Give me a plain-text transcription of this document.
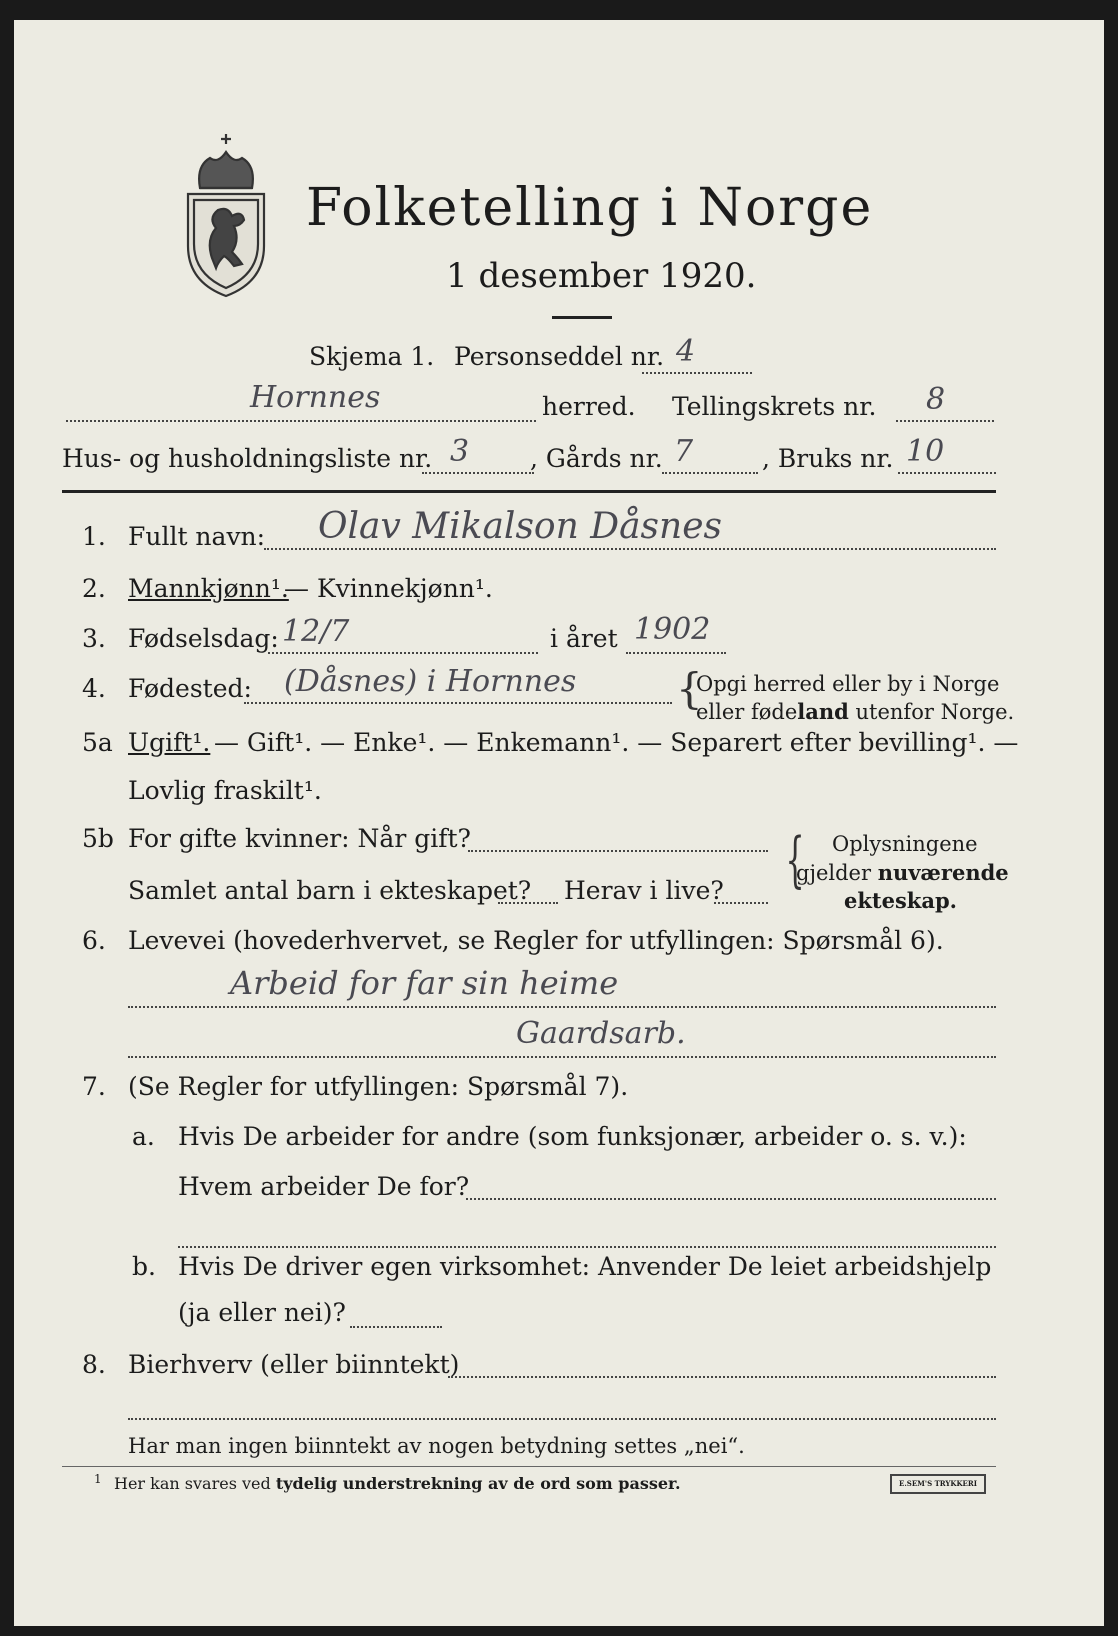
Folketelling i Norge
1 desember 1920.
Skjema 1. Personseddel nr. 4
Hornnes	herred. Tellingskrets nr. 8
Hus- og husholdningsliste nr. 3 , Gårds nr. 7	, Bruks nr. 10
1. Fullt navn: Olav Mikalson Dåsnes
2. Mannkjønn¹.
— Kvinnekjønn¹.
3. Fødselsdag: 12/7	i året 1902
4. Fødested: (Dåsnes) i Hornnes {
Opgi herred eller by i Norge
eller fødeland utenfor Norge.
5a Ugift¹. — Gift¹. — Enke¹. — Enkemann¹. — Separert efter bevilling¹. —
Lovlig fraskilt¹.
5b For gifte kvinner: Når gift?
Samlet antal barn i ekteskapet? Herav i live? { Oplysningene
gjelder nuværende
ekteskap.
6. Levevei (hovederhvervet, se Regler for utfyllingen: Spørsmål 6).
Arbeid for far sin heime
Gaardsarb.
7. (Se Regler for utfyllingen: Spørsmål 7).
a. Hvis De arbeider for andre (som funksjonær, arbeider o. s. v.):
Hvem arbeider De for?
b. Hvis De driver egen virksomhet: Anvender De leiet arbeidshjelp
(ja eller nei)?
8. Bierhverv (eller biinntekt)
Har man ingen biinntekt av nogen betydning settes „nei“.
1 Her kan svares ved tydelig understrekning av de ord som passer.	E.SEM'S TRYKKERI
